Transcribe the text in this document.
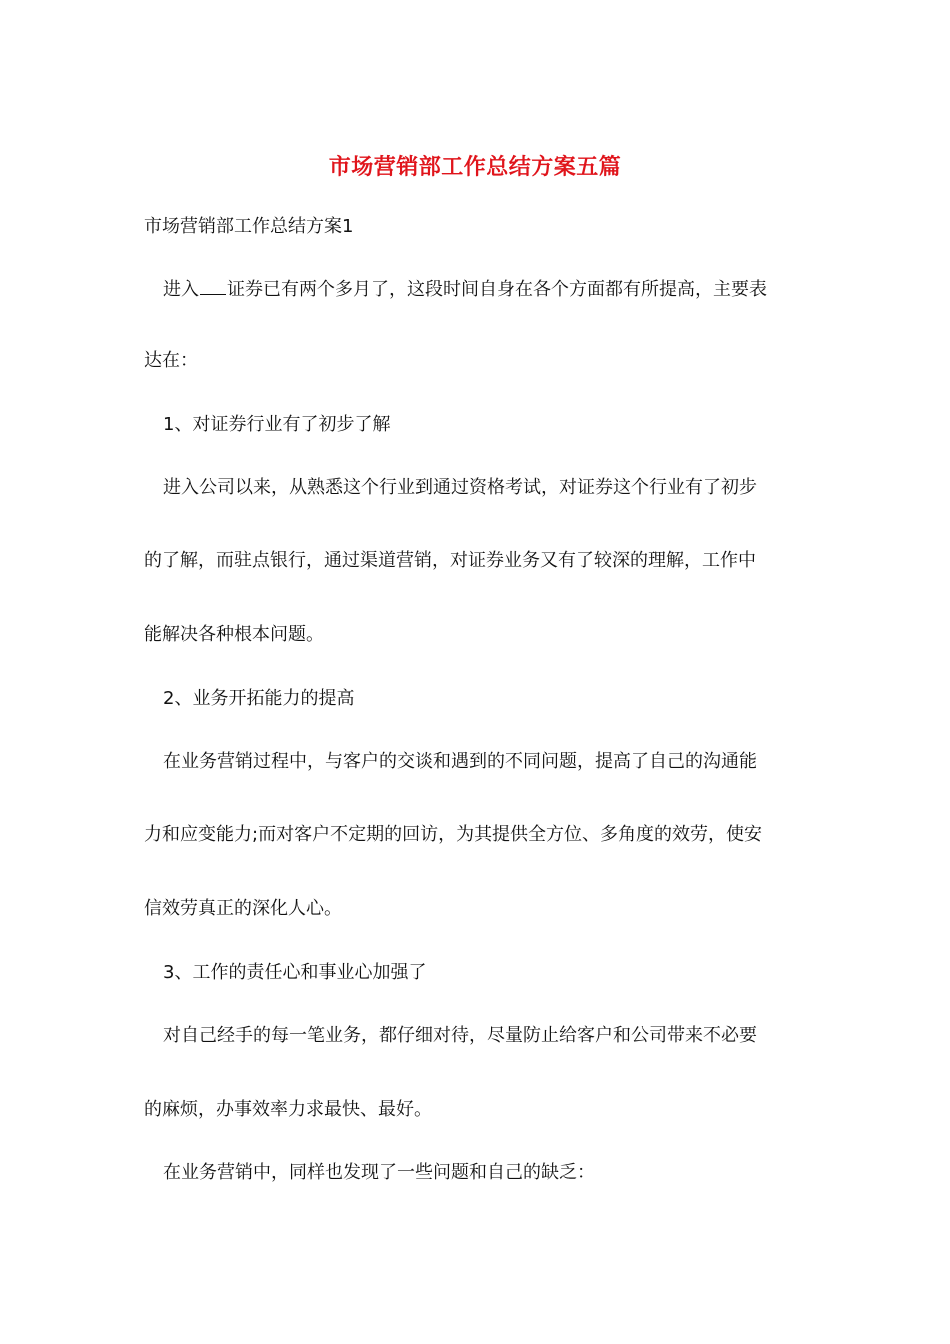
市场营销部工作总结方案五篇
市场营销部工作总结方案1
进入 证券已有两个多月了，这段时间自身在各个方面都有所提高，主要表
达在：
1、对证券行业有了初步了解
进入公司以来，从熟悉这个行业到通过资格考试，对证券这个行业有了初步
的了解，而驻点银行，通过渠道营销，对证券业务又有了较深的理解，工作中
能解决各种根本问题。
2、业务开拓能力的提高
在业务营销过程中，与客户的交谈和遇到的不同问题，提高了自己的沟通能
力和应变能力;而对客户不定期的回访，为其提供全方位、多角度的效劳，使安
信效劳真正的深化人心。
3、工作的责任心和事业心加强了
对自己经手的每一笔业务，都仔细对待，尽量防止给客户和公司带来不必要
的麻烦，办事效率力求最快、最好。
在业务营销中，同样也发现了一些问题和自己的缺乏：
